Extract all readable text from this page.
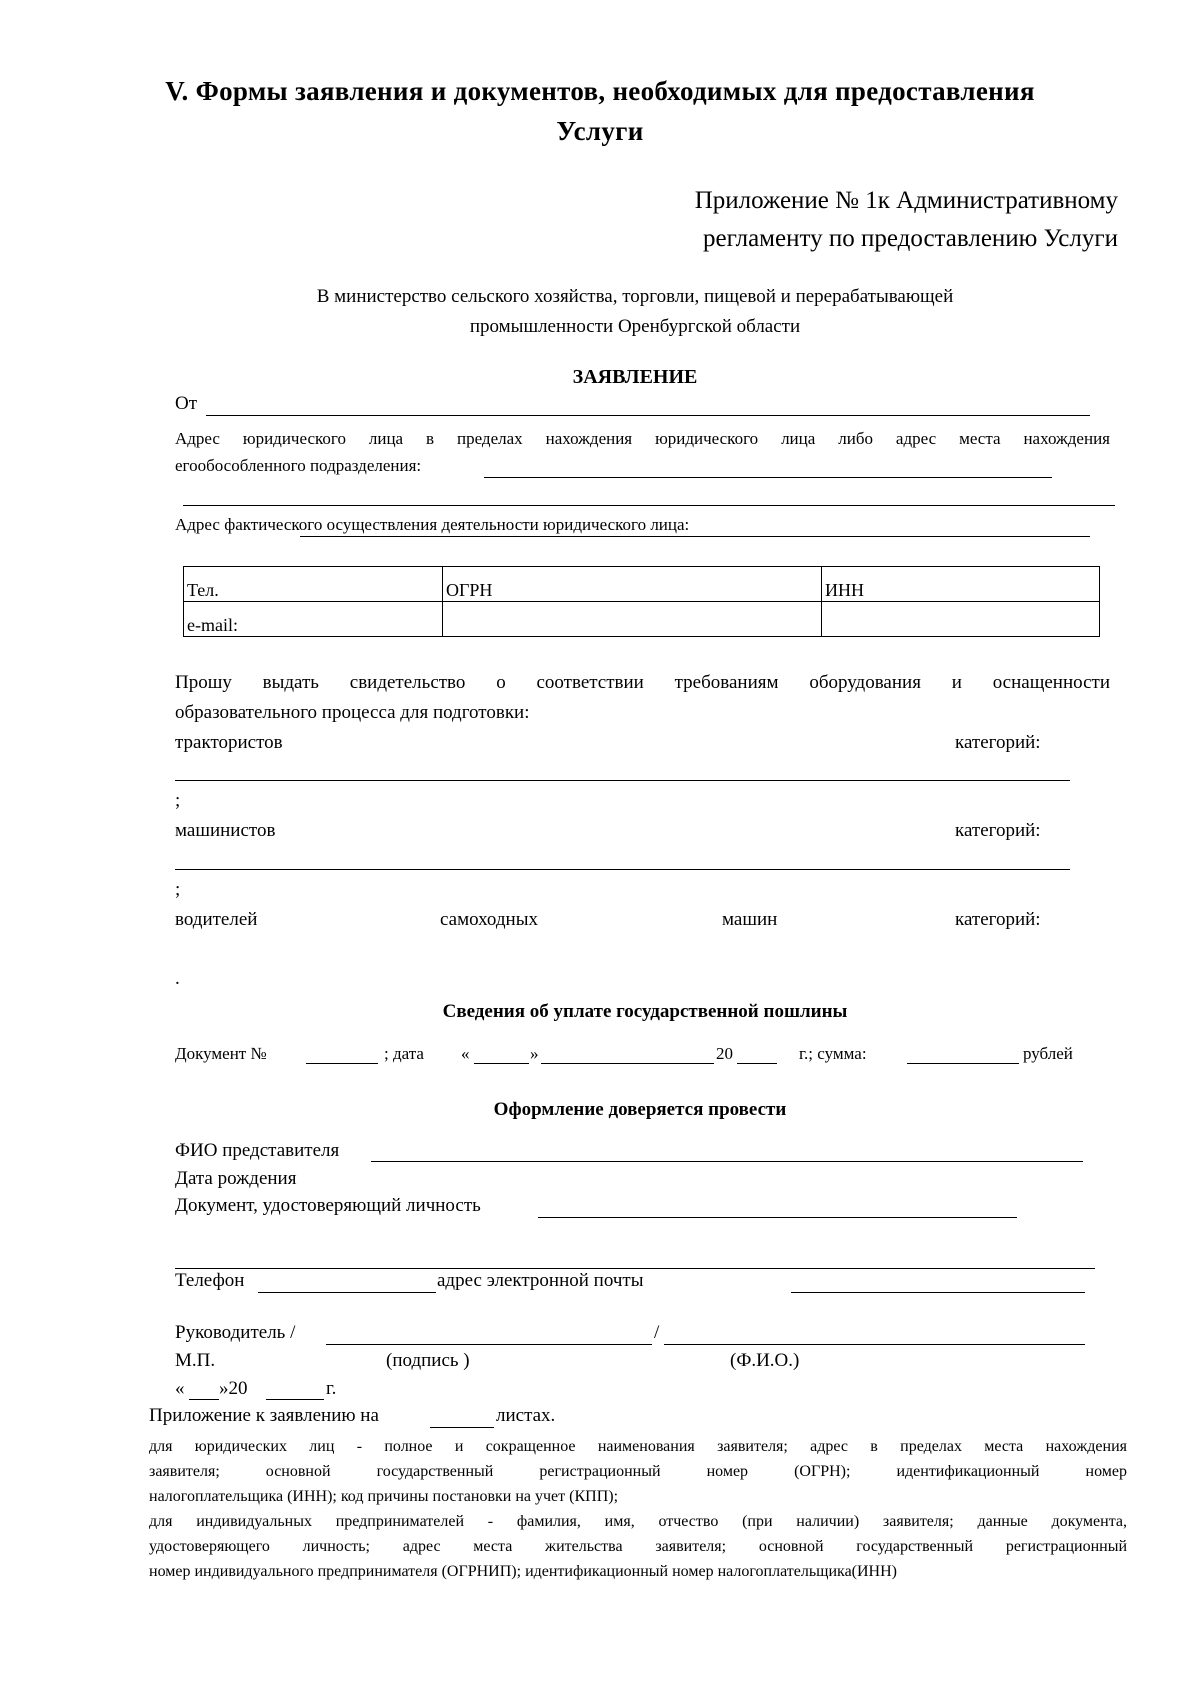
V. Формы заявления и документов, необходимых для предоставления
Услуги
Приложение № 1к Административному
регламенту по предоставлению Услуги
В министерство сельского хозяйства, торговли, пищевой и перерабатывающей
промышленности Оренбургской области
ЗАЯВЛЕНИЕ
От
Адрес юридического лица в пределах нахождения юридического лица либо адрес места нахождения
егообособленного подразделения:
Адрес фактического осуществления деятельности юридического лица:
Тел.	ОГРН	ИНН
e-mail:		
Прошу выдать свидетельство о соответствии требованиям оборудования и оснащенности
образовательного процесса для подготовки:
трактористов	категорий:
;
машинистов	категорий:
;
водителей	самоходных	машин	категорий:
.
Сведения об уплате государственной пошлины
Документ №	; дата «	»	20	г.; сумма:	рублей
Оформление доверяется провести
ФИО представителя
Дата рождения
Документ, удостоверяющий личность
Телефон	адрес электронной почты
Руководитель /	/
М.П.	(подпись )	(Ф.И.О.)
« »20	г.
Приложение к заявлению на	листах.
для юридических лиц - полное и сокращенное наименования заявителя; адрес в пределах места нахождения
заявителя; основной государственный регистрационный номер (ОГРН); идентификационный номер
налогоплательщика (ИНН); код причины постановки на учет (КПП);
для индивидуальных предпринимателей - фамилия, имя, отчество (при наличии) заявителя; данные документа,
удостоверяющего личность; адрес места жительства заявителя; основной государственный регистрационный
номер индивидуального предпринимателя (ОГРНИП); идентификационный номер налогоплательщика(ИНН)
